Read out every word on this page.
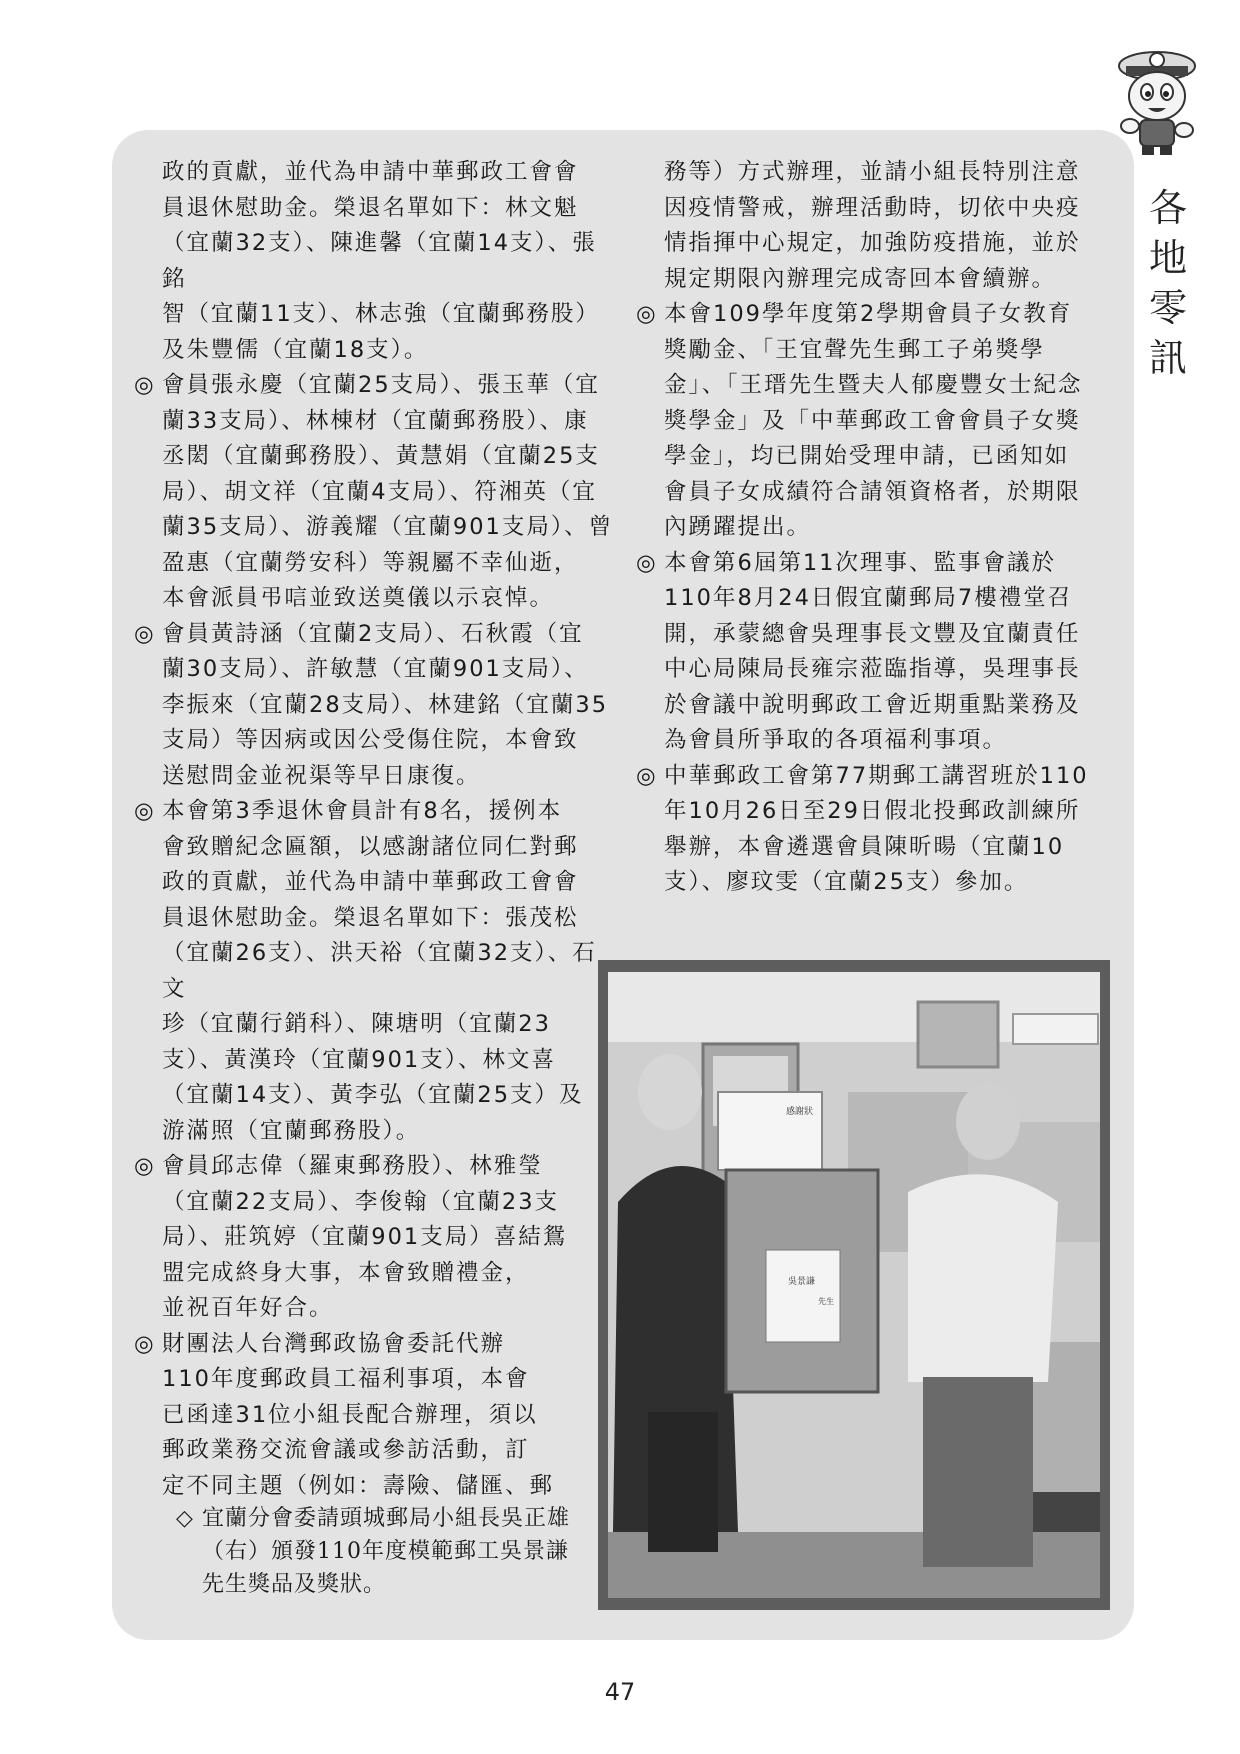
各
地
零
訊
政的貢獻，並代為申請中華郵政工會會
員退休慰助金。榮退名單如下：林文魁
（宜蘭32支）、陳進馨（宜蘭14支）、張銘
智（宜蘭11支）、林志強（宜蘭郵務股）
及朱豐儒（宜蘭18支）。
◎ 會員張永慶（宜蘭25支局）、張玉華（宜
蘭33支局）、林棟材（宜蘭郵務股）、康
丞閎（宜蘭郵務股）、黃慧娟（宜蘭25支
局）、胡文祥（宜蘭4支局）、符湘英（宜
蘭35支局）、游義耀（宜蘭901支局）、曾
盈惠（宜蘭勞安科）等親屬不幸仙逝，
本會派員弔唁並致送奠儀以示哀悼。
◎ 會員黃詩涵（宜蘭2支局）、石秋霞（宜
蘭30支局）、許敏慧（宜蘭901支局）、
李振來（宜蘭28支局）、林建銘（宜蘭35
支局）等因病或因公受傷住院，本會致
送慰問金並祝渠等早日康復。
◎ 本會第3季退休會員計有8名，援例本
會致贈紀念匾額，以感謝諸位同仁對郵
政的貢獻，並代為申請中華郵政工會會
員退休慰助金。榮退名單如下：張茂松
（宜蘭26支）、洪天裕（宜蘭32支）、石文
珍（宜蘭行銷科）、陳塘明（宜蘭23
支）、黃漢玲（宜蘭901支）、林文喜
（宜蘭14支）、黃李弘（宜蘭25支）及
游滿照（宜蘭郵務股）。
◎ 會員邱志偉（羅東郵務股）、林雅瑩
（宜蘭22支局）、李俊翰（宜蘭23支
局）、莊筑婷（宜蘭901支局）喜結鴛
盟完成終身大事，本會致贈禮金，
並祝百年好合。
◎ 財團法人台灣郵政協會委託代辦
110年度郵政員工福利事項，本會
已函達31位小組長配合辦理，須以
郵政業務交流會議或參訪活動，訂
定不同主題（例如：壽險、儲匯、郵
務等）方式辦理，並請小組長特別注意
因疫情警戒，辦理活動時，切依中央疫
情指揮中心規定，加強防疫措施，並於
規定期限內辦理完成寄回本會續辦。
◎ 本會109學年度第2學期會員子女教育
獎勵金、「王宜聲先生郵工子弟獎學
金」、「王瑨先生暨夫人郁慶豐女士紀念
獎學金」及「中華郵政工會會員子女獎
學金」，均已開始受理申請，已函知如
會員子女成績符合請領資格者，於期限
內踴躍提出。
◎ 本會第6屆第11次理事、監事會議於
110年8月24日假宜蘭郵局7樓禮堂召
開，承蒙總會吳理事長文豐及宜蘭責任
中心局陳局長雍宗蒞臨指導，吳理事長
於會議中說明郵政工會近期重點業務及
為會員所爭取的各項福利事項。
◎ 中華郵政工會第77期郵工講習班於110
年10月26日至29日假北投郵政訓練所
舉辦，本會遴選會員陳昕暘（宜蘭10
支）、廖玟雯（宜蘭25支）參加。
感謝狀
吳景謙
先生
◇ 宜蘭分會委請頭城郵局小組長吳正雄
（右）頒發110年度模範郵工吳景謙
先生獎品及獎狀。
47
